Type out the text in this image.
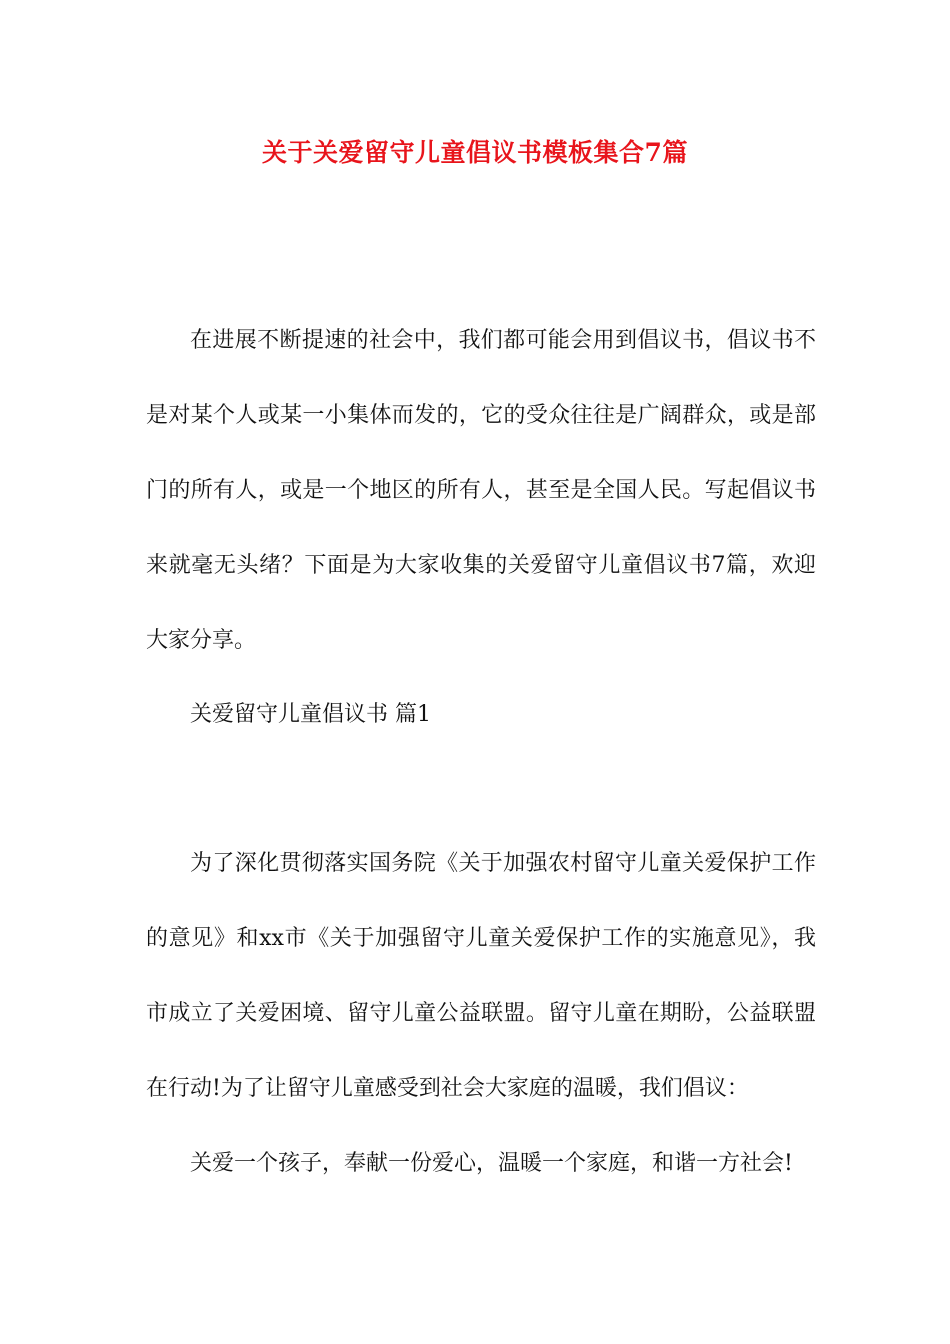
关于关爱留守儿童倡议书模板集合7篇

在进展不断提速的社会中，我们都可能会用到倡议书，倡议书不是对某个人或某一小集体而发的，它的受众往往是广阔群众，或是部门的所有人，或是一个地区的所有人，甚至是全国人民。写起倡议书来就毫无头绪？下面是为大家收集的关爱留守儿童倡议书7篇，欢迎大家分享。

关爱留守儿童倡议书 篇1

为了深化贯彻落实国务院《关于加强农村留守儿童关爱保护工作的意见》和xx市《关于加强留守儿童关爱保护工作的实施意见》，我市成立了关爱困境、留守儿童公益联盟。留守儿童在期盼，公益联盟在行动!为了让留守儿童感受到社会大家庭的温暖，我们倡议：

关爱一个孩子，奉献一份爱心，温暖一个家庭，和谐一方社会!
